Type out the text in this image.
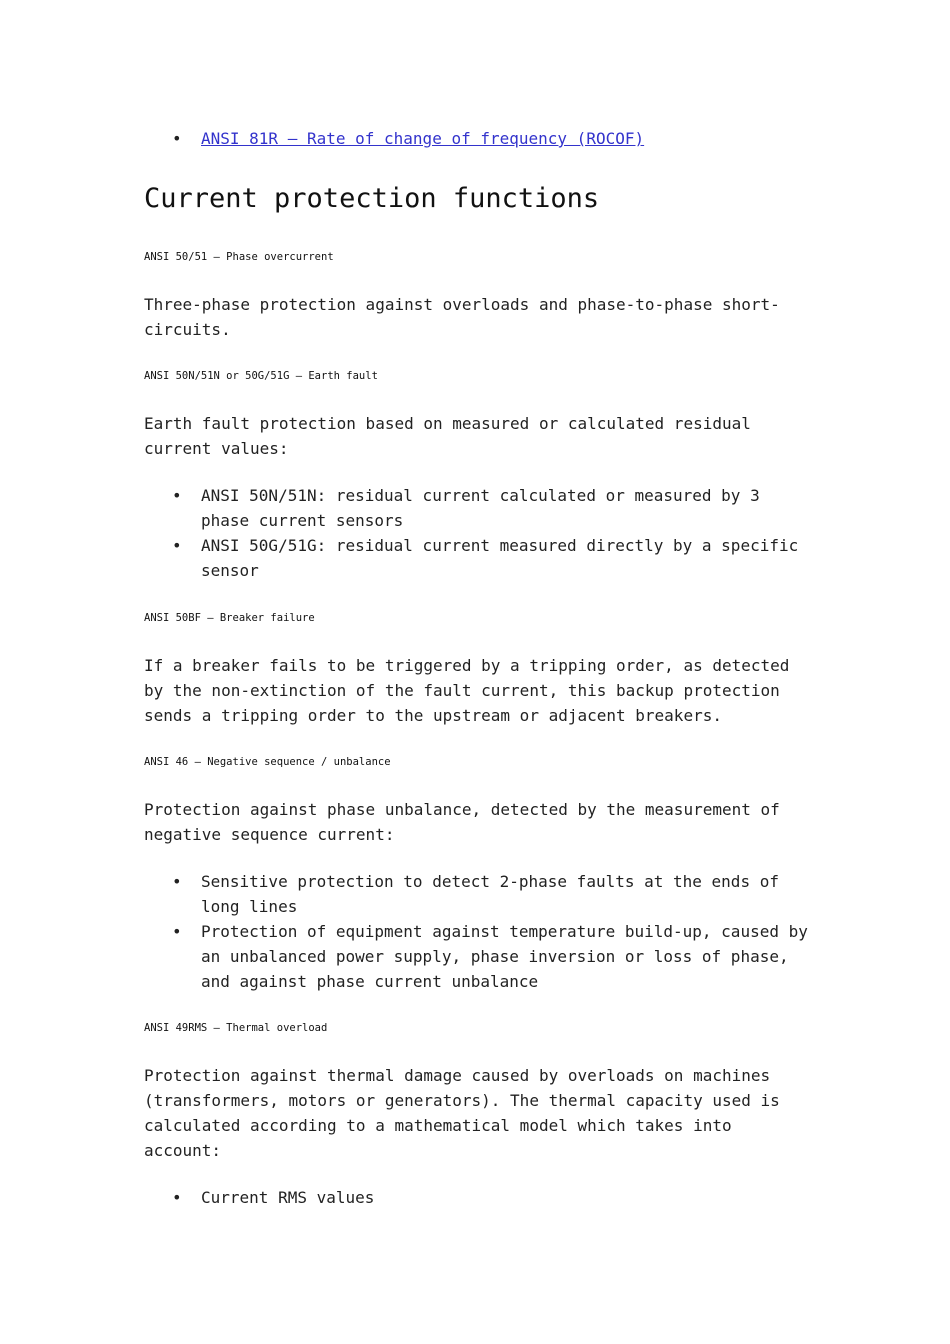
• ANSI 81R – Rate of change of frequency (ROCOF)
Current protection functions
ANSI 50/51 – Phase overcurrent

Three-phase protection against overloads and phase-to-phase short-circuits.

ANSI 50N/51N or 50G/51G – Earth fault

Earth fault protection based on measured or calculated residual current values:

• ANSI 50N/51N: residual current calculated or measured by 3 phase current sensors
• ANSI 50G/51G: residual current measured directly by a specific sensor
ANSI 50BF – Breaker failure

If a breaker fails to be triggered by a tripping order, as detected by the non-extinction of the fault current, this backup protection sends a tripping order to the upstream or adjacent breakers.

ANSI 46 – Negative sequence / unbalance

Protection against phase unbalance, detected by the measurement of negative sequence current:

• Sensitive protection to detect 2-phase faults at the ends of long lines
• Protection of equipment against temperature build-up, caused by an unbalanced power supply, phase inversion or loss of phase, and against phase current unbalance
ANSI 49RMS – Thermal overload

Protection against thermal damage caused by overloads on machines (transformers, motors or generators). The thermal capacity used is calculated according to a mathematical model which takes into account:

• Current RMS values
